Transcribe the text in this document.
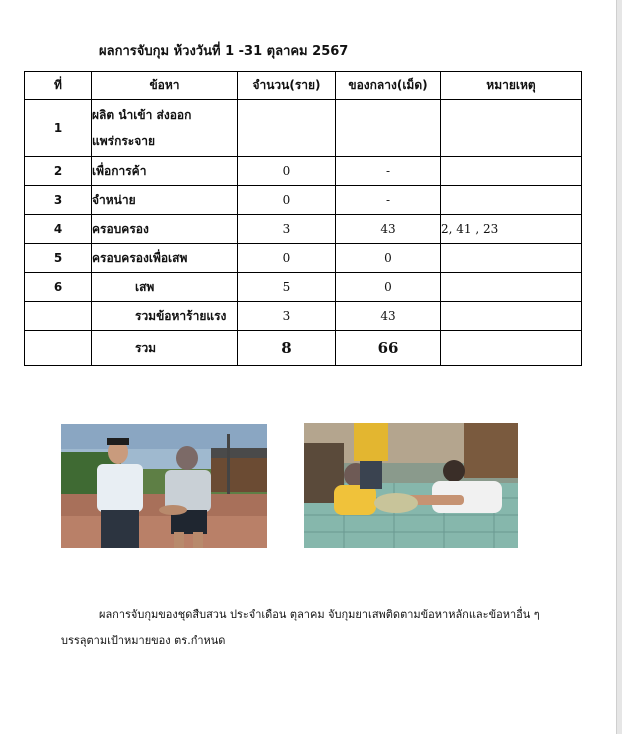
ผลการจับกุม ห้วงวันที่ 1 -31 ตุลาคม 2567
ที่	ข้อหา	จำนวน(ราย)	ของกลาง(เม็ด)	หมายเหตุ
1	ผลิต นำเข้า ส่งออก
แพร่กระจาย			

2	เพื่อการค้า	0	-	
3	จำหน่าย	0	-	
4	ครอบครอง	3	43	2, 41 , 23
5	ครอบครองเพื่อเสพ	0	0	
6	เสพ	5	0	
	รวมข้อหาร้ายแรง	3	43	
	รวม	8	66	
ผลการจับกุมของชุดสืบสวน ประจำเดือน ตุลาคม จับกุมยาเสพติดตามข้อหาหลักและข้อหาอื่น ๆ บรรลุตามเป้าหมายของ ตร.กำหนด
